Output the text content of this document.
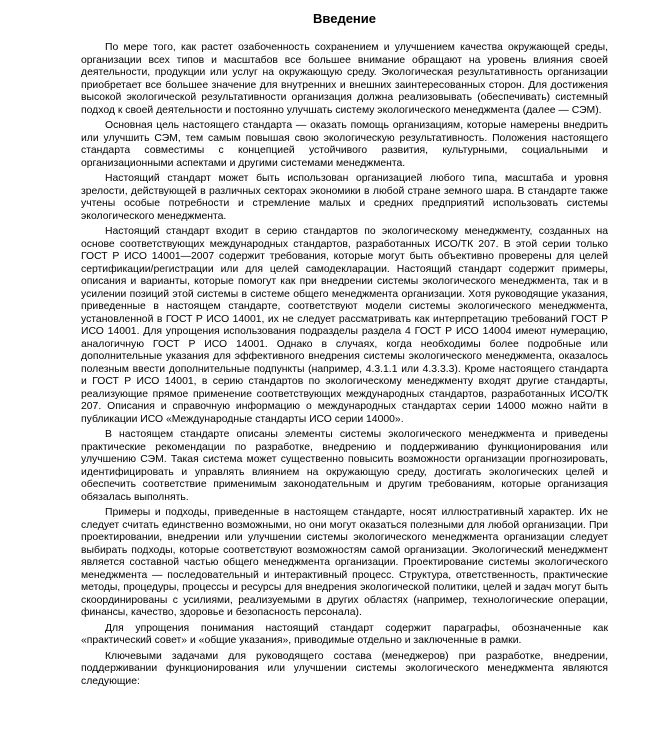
Введение

По мере того, как растет озабоченность сохранением и улучшением качества окружающей среды, организации всех типов и масштабов все большее внимание обращают на уровень влияния своей деятельности, продукции или услуг на окружающую среду. Экологическая результативность организации приобретает все большее значение для внутренних и внешних заинтересованных сторон. Для достижения высокой экологической результативности организация должна реализовывать (обеспечивать) системный подход к своей деятельности и постоянно улучшать систему экологического менеджмента (далее — СЭМ).

Основная цель настоящего стандарта — оказать помощь организациям, которые намерены внедрить или улучшить СЭМ, тем самым повышая свою экологическую результативность. Положения настоящего стандарта совместимы с концепцией устойчивого развития, культурными, социальными и организационными аспектами и другими системами менеджмента.

Настоящий стандарт может быть использован организацией любого типа, масштаба и уровня зрелости, действующей в различных секторах экономики в любой стране земного шара. В стандарте также учтены особые потребности и стремление малых и средних предприятий использовать системы экологического менеджмента.

Настоящий стандарт входит в серию стандартов по экологическому менеджменту, созданных на основе соответствующих международных стандартов, разработанных ИСО/ТК 207. В этой серии только ГОСТ Р ИСО 14001—2007 содержит требования, которые могут быть объективно проверены для целей сертификации/регистрации или для целей самодекларации. Настоящий стандарт содержит примеры, описания и варианты, которые помогут как при внедрении системы экологического менеджмента, так и в усилении позиций этой системы в системе общего менеджмента организации. Хотя руководящие указания, приведенные в настоящем стандарте, соответствуют модели системы экологического менеджмента, установленной в ГОСТ Р ИСО 14001, их не следует рассматривать как интерпретацию требований ГОСТ Р ИСО 14001. Для упрощения использования подразделы раздела 4 ГОСТ Р ИСО 14004 имеют нумерацию, аналогичную ГОСТ Р ИСО 14001. Однако в случаях, когда необходимы более подробные или дополнительные указания для эффективного внедрения системы экологического менеджмента, оказалось полезным ввести дополнительные подпункты (например, 4.3.1.1 или 4.3.3.3). Кроме настоящего стандарта и ГОСТ Р ИСО 14001, в серию стандартов по экологическому менеджменту входят другие стандарты, реализующие прямое применение соответствующих международных стандартов, разработанных ИСО/ТК 207. Описания и справочную информацию о международных стандартах серии 14000 можно найти в публикации ИСО «Международные стандарты ИСО серии 14000».

В настоящем стандарте описаны элементы системы экологического менеджмента и приведены практические рекомендации по разработке, внедрению и поддерживанию функционирования или улучшению СЭМ. Такая система может существенно повысить возможности организации прогнозировать, идентифицировать и управлять влиянием на окружающую среду, достигать экологических целей и обеспечить соответствие применимым законодательным и другим требованиям, которые организация обязалась выполнять.

Примеры и подходы, приведенные в настоящем стандарте, носят иллюстративный характер. Их не следует считать единственно возможными, но они могут оказаться полезными для любой организации. При проектировании, внедрении или улучшении системы экологического менеджмента организации следует выбирать подходы, которые соответствуют возможностям самой организации. Экологический менеджмент является составной частью общего менеджмента организации. Проектирование системы экологического менеджмента — последовательный и интерактивный процесс. Структура, ответственность, практические методы, процедуры, процессы и ресурсы для внедрения экологической политики, целей и задач могут быть скоординированы с усилиями, реализуемыми в других областях (например, технологические операции, финансы, качество, здоровье и безопасность персонала).

Для упрощения понимания настоящий стандарт содержит параграфы, обозначенные как «практический совет» и «общие указания», приводимые отдельно и заключенные в рамки.

Ключевыми задачами для руководящего состава (менеджеров) при разработке, внедрении, поддерживании функционирования или улучшении системы экологического менеджмента являются следующие:
